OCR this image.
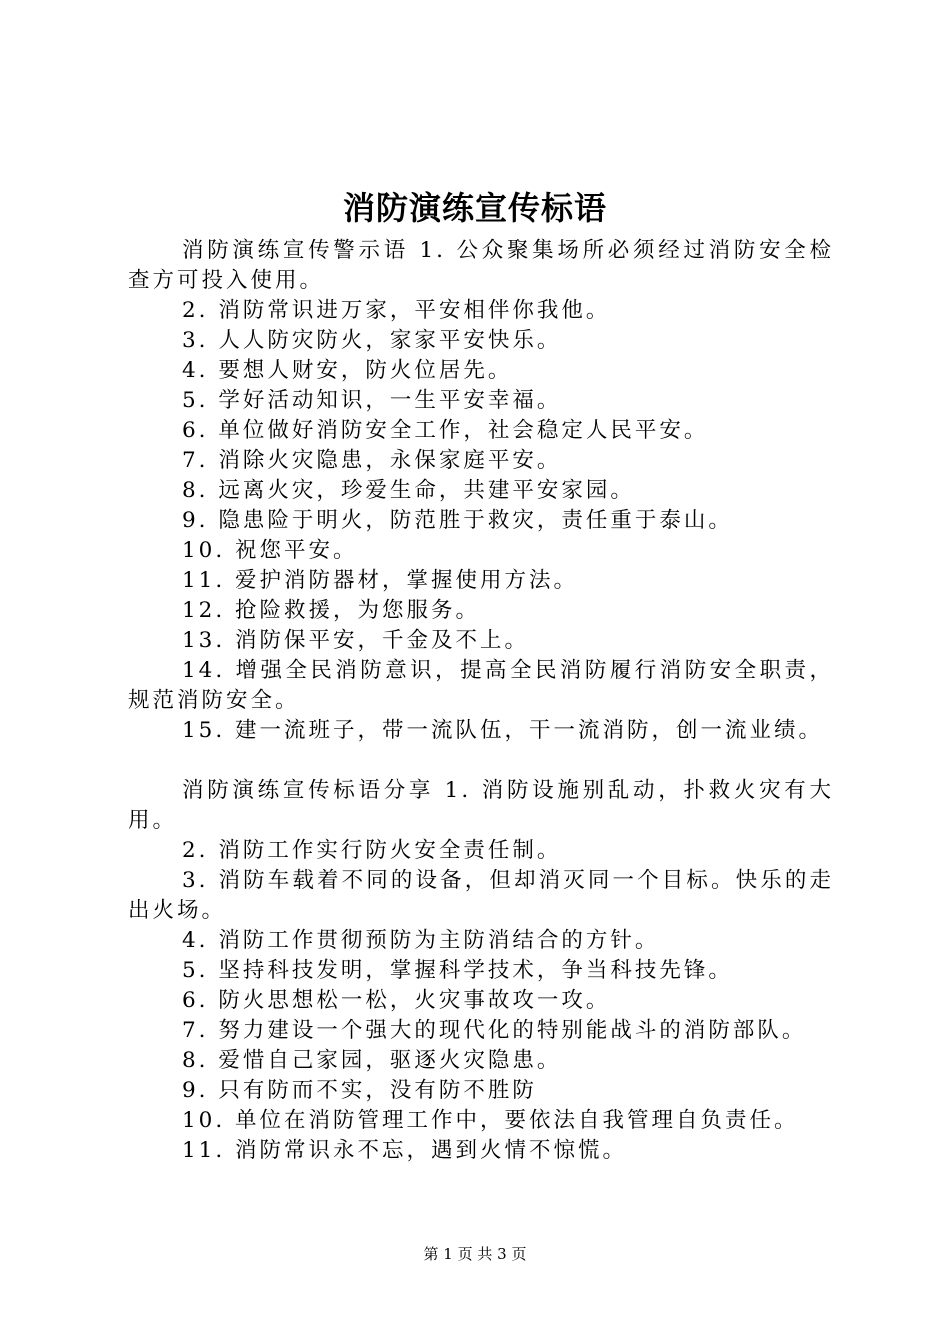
消防演练宣传标语

消防演练宣传警示语 1. 公众聚集场所必须经过消防安全检查方可投入使用。

2. 消防常识进万家，平安相伴你我他。

3. 人人防灾防火，家家平安快乐。

4. 要想人财安，防火位居先。

5. 学好活动知识，一生平安幸福。

6. 单位做好消防安全工作，社会稳定人民平安。

7. 消除火灾隐患，永保家庭平安。

8. 远离火灾，珍爱生命，共建平安家园。

9. 隐患险于明火，防范胜于救灾，责任重于泰山。

10. 祝您平安。

11. 爱护消防器材，掌握使用方法。

12. 抢险救援，为您服务。

13. 消防保平安，千金及不上。

14. 增强全民消防意识，提高全民消防履行消防安全职责，规范消防安全。

15. 建一流班子，带一流队伍，干一流消防，创一流业绩。

消防演练宣传标语分享 1. 消防设施别乱动，扑救火灾有大用。

2. 消防工作实行防火安全责任制。

3. 消防车载着不同的设备，但却消灭同一个目标。快乐的走出火场。

4. 消防工作贯彻预防为主防消结合的方针。

5. 坚持科技发明，掌握科学技术，争当科技先锋。

6. 防火思想松一松，火灾事故攻一攻。

7. 努力建设一个强大的现代化的特别能战斗的消防部队。

8. 爱惜自己家园，驱逐火灾隐患。

9. 只有防而不实，没有防不胜防

10. 单位在消防管理工作中，要依法自我管理自负责任。

11. 消防常识永不忘，遇到火情不惊慌。

第 1 页 共 3 页
